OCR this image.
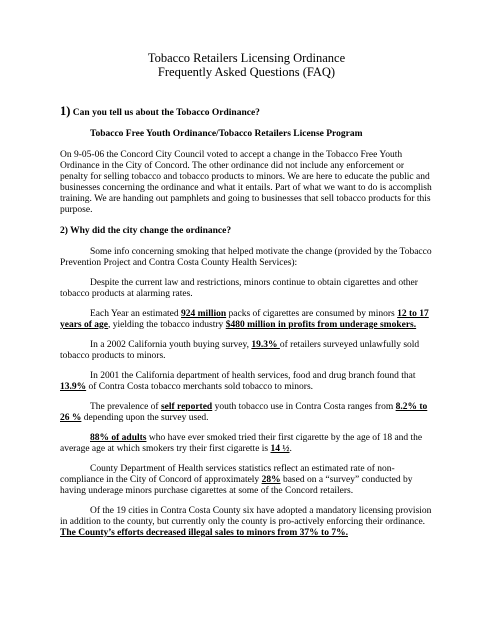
Tobacco Retailers Licensing Ordinance
Frequently Asked Questions (FAQ)
1) Can you tell us about the Tobacco Ordinance?
Tobacco Free Youth Ordinance/Tobacco Retailers License Program

On 9-05-06 the Concord City Council voted to accept a change in the Tobacco Free Youth Ordinance in the City of Concord. The other ordinance did not include any enforcement or penalty for selling tobacco and tobacco products to minors. We are here to educate the public and businesses concerning the ordinance and what it entails. Part of what we want to do is accomplish training. We are handing out pamphlets and going to businesses that sell tobacco products for this purpose.

2) Why did the city change the ordinance?

Some info concerning smoking that helped motivate the change (provided by the Tobacco Prevention Project and Contra Costa County Health Services):

Despite the current law and restrictions, minors continue to obtain cigarettes and other tobacco products at alarming rates.

Each Year an estimated 924 million packs of cigarettes are consumed by minors 12 to 17 years of age, yielding the tobacco industry $480 million in profits from underage smokers.

In a 2002 California youth buying survey, 19.3% of retailers surveyed unlawfully sold tobacco products to minors.

In 2001 the California department of health services, food and drug branch found that 13.9% of Contra Costa tobacco merchants sold tobacco to minors.

The prevalence of self reported youth tobacco use in Contra Costa ranges from 8.2% to 26 % depending upon the survey used.

88% of adults who have ever smoked tried their first cigarette by the age of 18 and the average age at which smokers try their first cigarette is 14 ½.

County Department of Health services statistics reflect an estimated rate of non-compliance in the City of Concord of approximately 28% based on a “survey” conducted by having underage minors purchase cigarettes at some of the Concord retailers.

Of the 19 cities in Contra Costa County six have adopted a mandatory licensing provision in addition to the county, but currently only the county is pro-actively enforcing their ordinance. The County’s efforts decreased illegal sales to minors from 37% to 7%.
